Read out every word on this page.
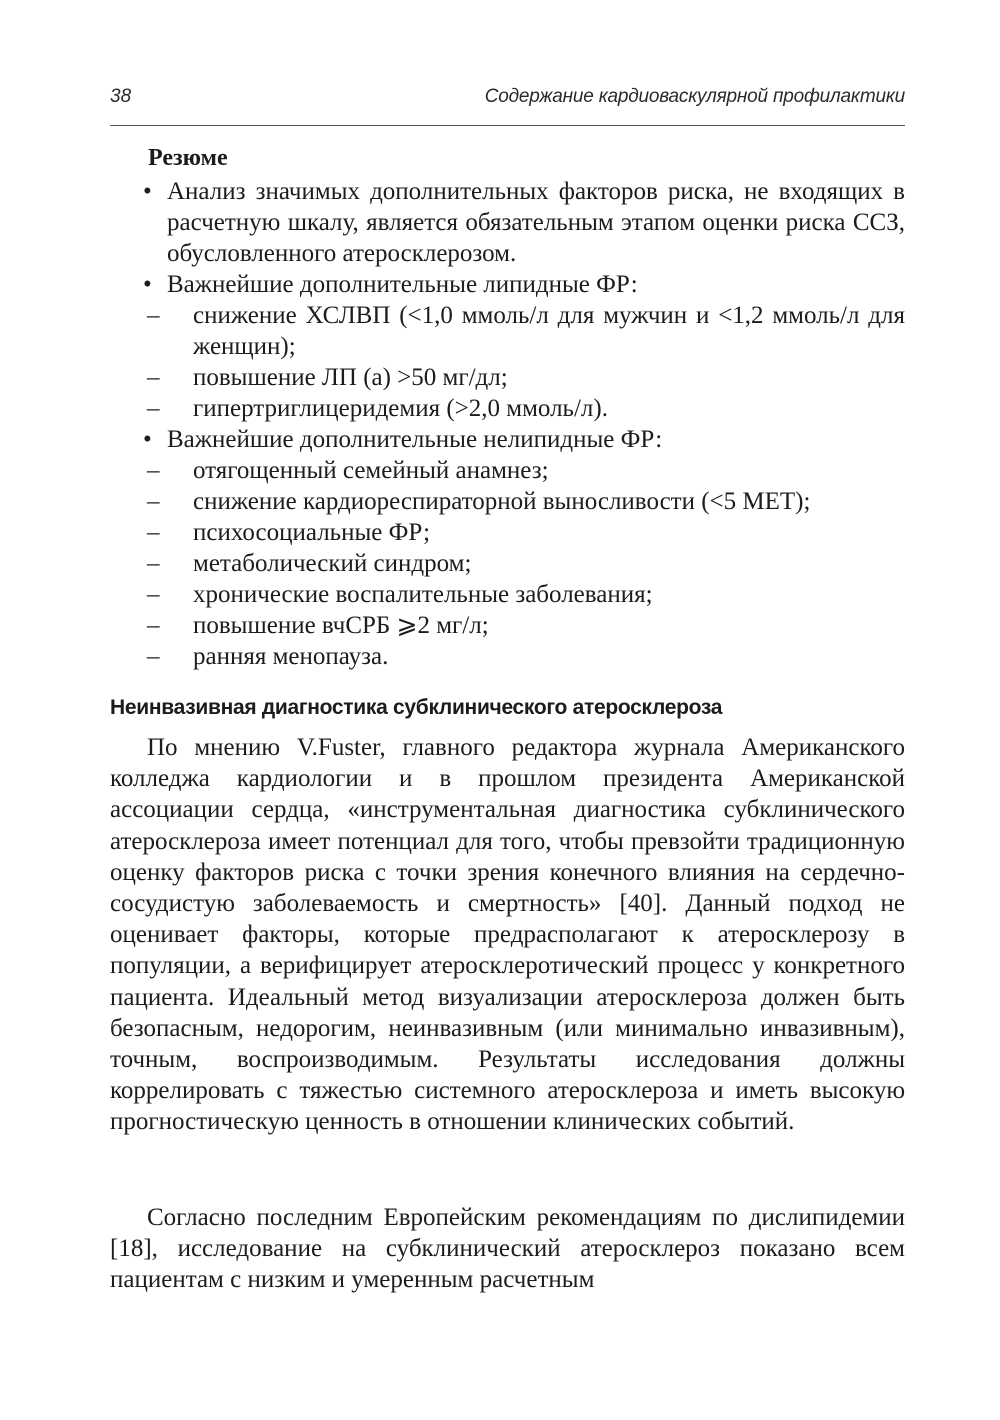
38	Содержание кардиоваскулярной профилактики
Резюме
• Анализ значимых дополнительных факторов риска, не входящих в расчетную шкалу, является обязательным этапом оценки риска ССЗ, обусловленного атеросклерозом.
• Важнейшие дополнительные липидные ФР:
– снижение ХСЛВП (<1,0 ммоль/л для мужчин и <1,2 ммоль/л для женщин);
– повышение ЛП (а) >50 мг/дл;
– гипертриглицеридемия (>2,0 ммоль/л).
• Важнейшие дополнительные нелипидные ФР:
– отягощенный семейный анамнез;
– снижение кардиореспираторной выносливости (<5 МЕТ);
– психосоциальные ФР;
– метаболический синдром;
– хронические воспалительные заболевания;
– повышение вчСРБ ⩾2 мг/л;
– ранняя менопауза.
Неинвазивная диагностика субклинического атеросклероза

По мнению V.Fuster, главного редактора журнала Американского колледжа кардиологии и в прошлом президента Американской ассоциации сердца, «инструментальная диагностика субклинического атеросклероза имеет потенциал для того, чтобы превзойти традиционную оценку факторов риска с точки зрения конечного влияния на сердечно-сосудистую заболеваемость и смертность» [40]. Данный подход не оценивает факторы, которые предрасполагают к атеросклерозу в популяции, а верифицирует атеросклеротический процесс у конкретного пациента. Идеальный метод визуализации атеросклероза должен быть безопасным, недорогим, неинвазивным (или минимально инвазивным), точным, воспроизводимым. Результаты исследования должны коррелировать с тяжестью системного атеросклероза и иметь высокую прогностическую ценность в отношении клинических событий.

Согласно последним Европейским рекомендациям по дислипидемии [18], исследование на субклинический атеросклероз показано всем пациентам с низким и умеренным расчетным
